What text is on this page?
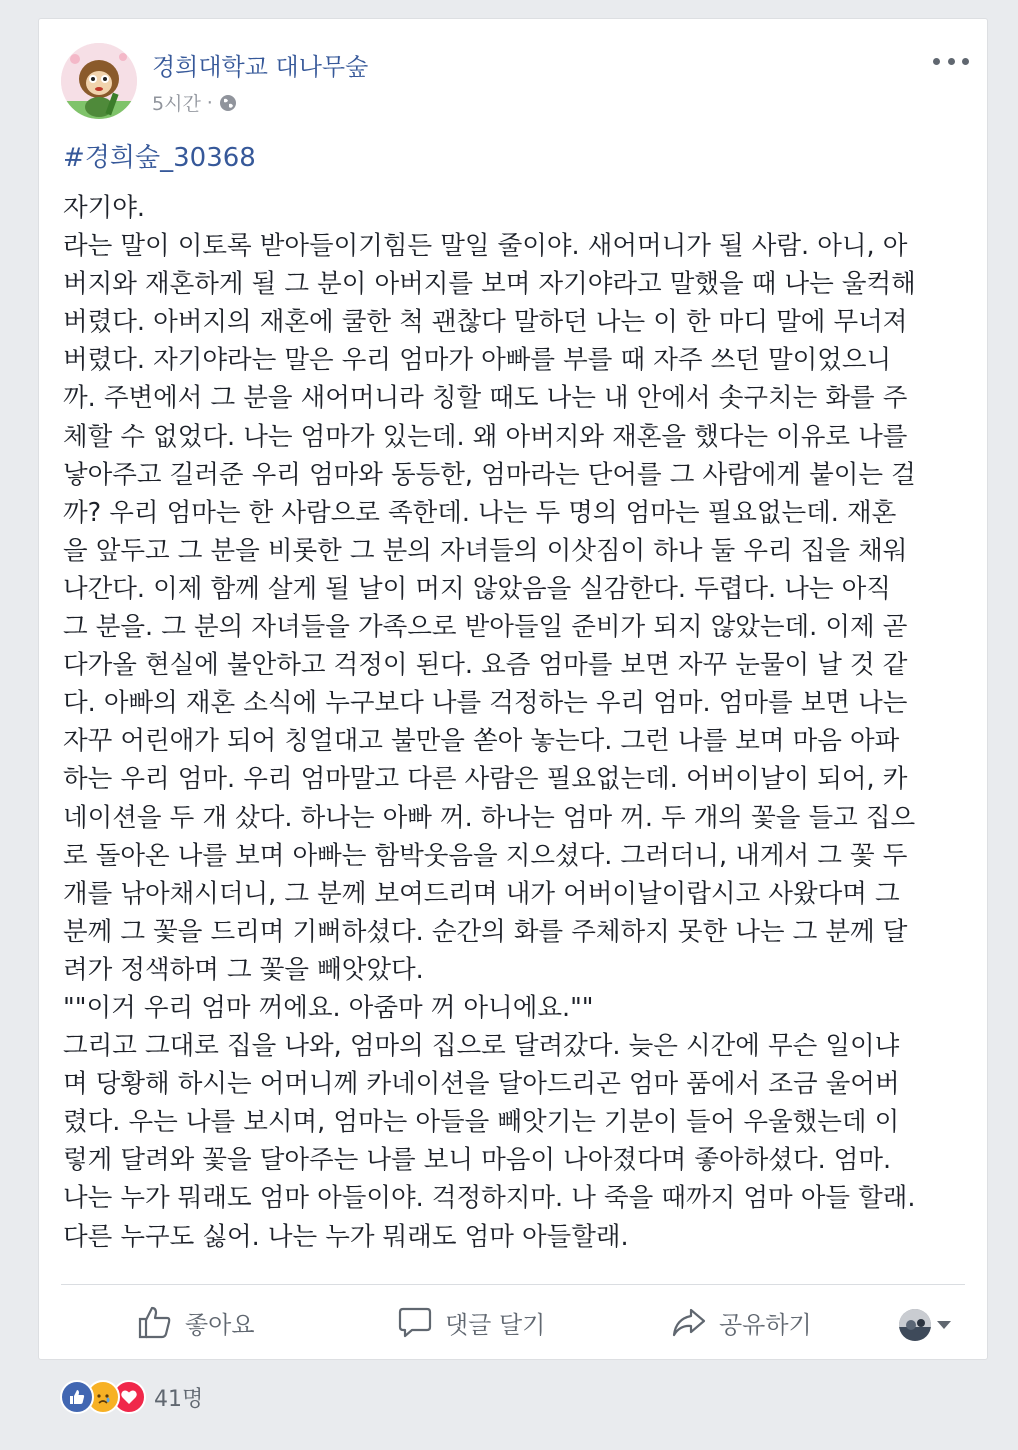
경희대학교 대나무숲
5시간 ·
#경희숲_30368
자기야.
라는 말이 이토록 받아들이기힘든 말일 줄이야. 새어머니가 될 사람. 아니, 아
버지와 재혼하게 될 그 분이 아버지를 보며 자기야라고 말했을 때 나는 울컥해
버렸다. 아버지의 재혼에 쿨한 척 괜찮다 말하던 나는 이 한 마디 말에 무너져
버렸다. 자기야라는 말은 우리 엄마가 아빠를 부를 때 자주 쓰던 말이었으니
까. 주변에서 그 분을 새어머니라 칭할 때도 나는 내 안에서 솟구치는 화를 주
체할 수 없었다. 나는 엄마가 있는데. 왜 아버지와 재혼을 했다는 이유로 나를
낳아주고 길러준 우리 엄마와 동등한, 엄마라는 단어를 그 사람에게 붙이는 걸
까? 우리 엄마는 한 사람으로 족한데. 나는 두 명의 엄마는 필요없는데. 재혼
을 앞두고 그 분을 비롯한 그 분의 자녀들의 이삿짐이 하나 둘 우리 집을 채워
나간다. 이제 함께 살게 될 날이 머지 않았음을 실감한다. 두렵다. 나는 아직
그 분을. 그 분의 자녀들을 가족으로 받아들일 준비가 되지 않았는데. 이제 곧
다가올 현실에 불안하고 걱정이 된다. 요즘 엄마를 보면 자꾸 눈물이 날 것 같
다. 아빠의 재혼 소식에 누구보다 나를 걱정하는 우리 엄마. 엄마를 보면 나는
자꾸 어린애가 되어 칭얼대고 불만을 쏟아 놓는다. 그런 나를 보며 마음 아파
하는 우리 엄마. 우리 엄마말고 다른 사람은 필요없는데. 어버이날이 되어, 카
네이션을 두 개 샀다. 하나는 아빠 꺼. 하나는 엄마 꺼. 두 개의 꽃을 들고 집으
로 돌아온 나를 보며 아빠는 함박웃음을 지으셨다. 그러더니, 내게서 그 꽃 두
개를 낚아채시더니, 그 분께 보여드리며 내가 어버이날이랍시고 사왔다며 그
분께 그 꽃을 드리며 기뻐하셨다. 순간의 화를 주체하지 못한 나는 그 분께 달
려가 정색하며 그 꽃을 빼앗았다.
""이거 우리 엄마 꺼에요. 아줌마 꺼 아니에요.""
그리고 그대로 집을 나와, 엄마의 집으로 달려갔다. 늦은 시간에 무슨 일이냐
며 당황해 하시는 어머니께 카네이션을 달아드리곤 엄마 품에서 조금 울어버
렸다. 우는 나를 보시며, 엄마는 아들을 빼앗기는 기분이 들어 우울했는데 이
렇게 달려와 꽃을 달아주는 나를 보니 마음이 나아졌다며 좋아하셨다. 엄마.
나는 누가 뭐래도 엄마 아들이야. 걱정하지마. 나 죽을 때까지 엄마 아들 할래.
다른 누구도 싫어. 나는 누가 뭐래도 엄마 아들할래.
좋아요	댓글 달기	공유하기
41명
